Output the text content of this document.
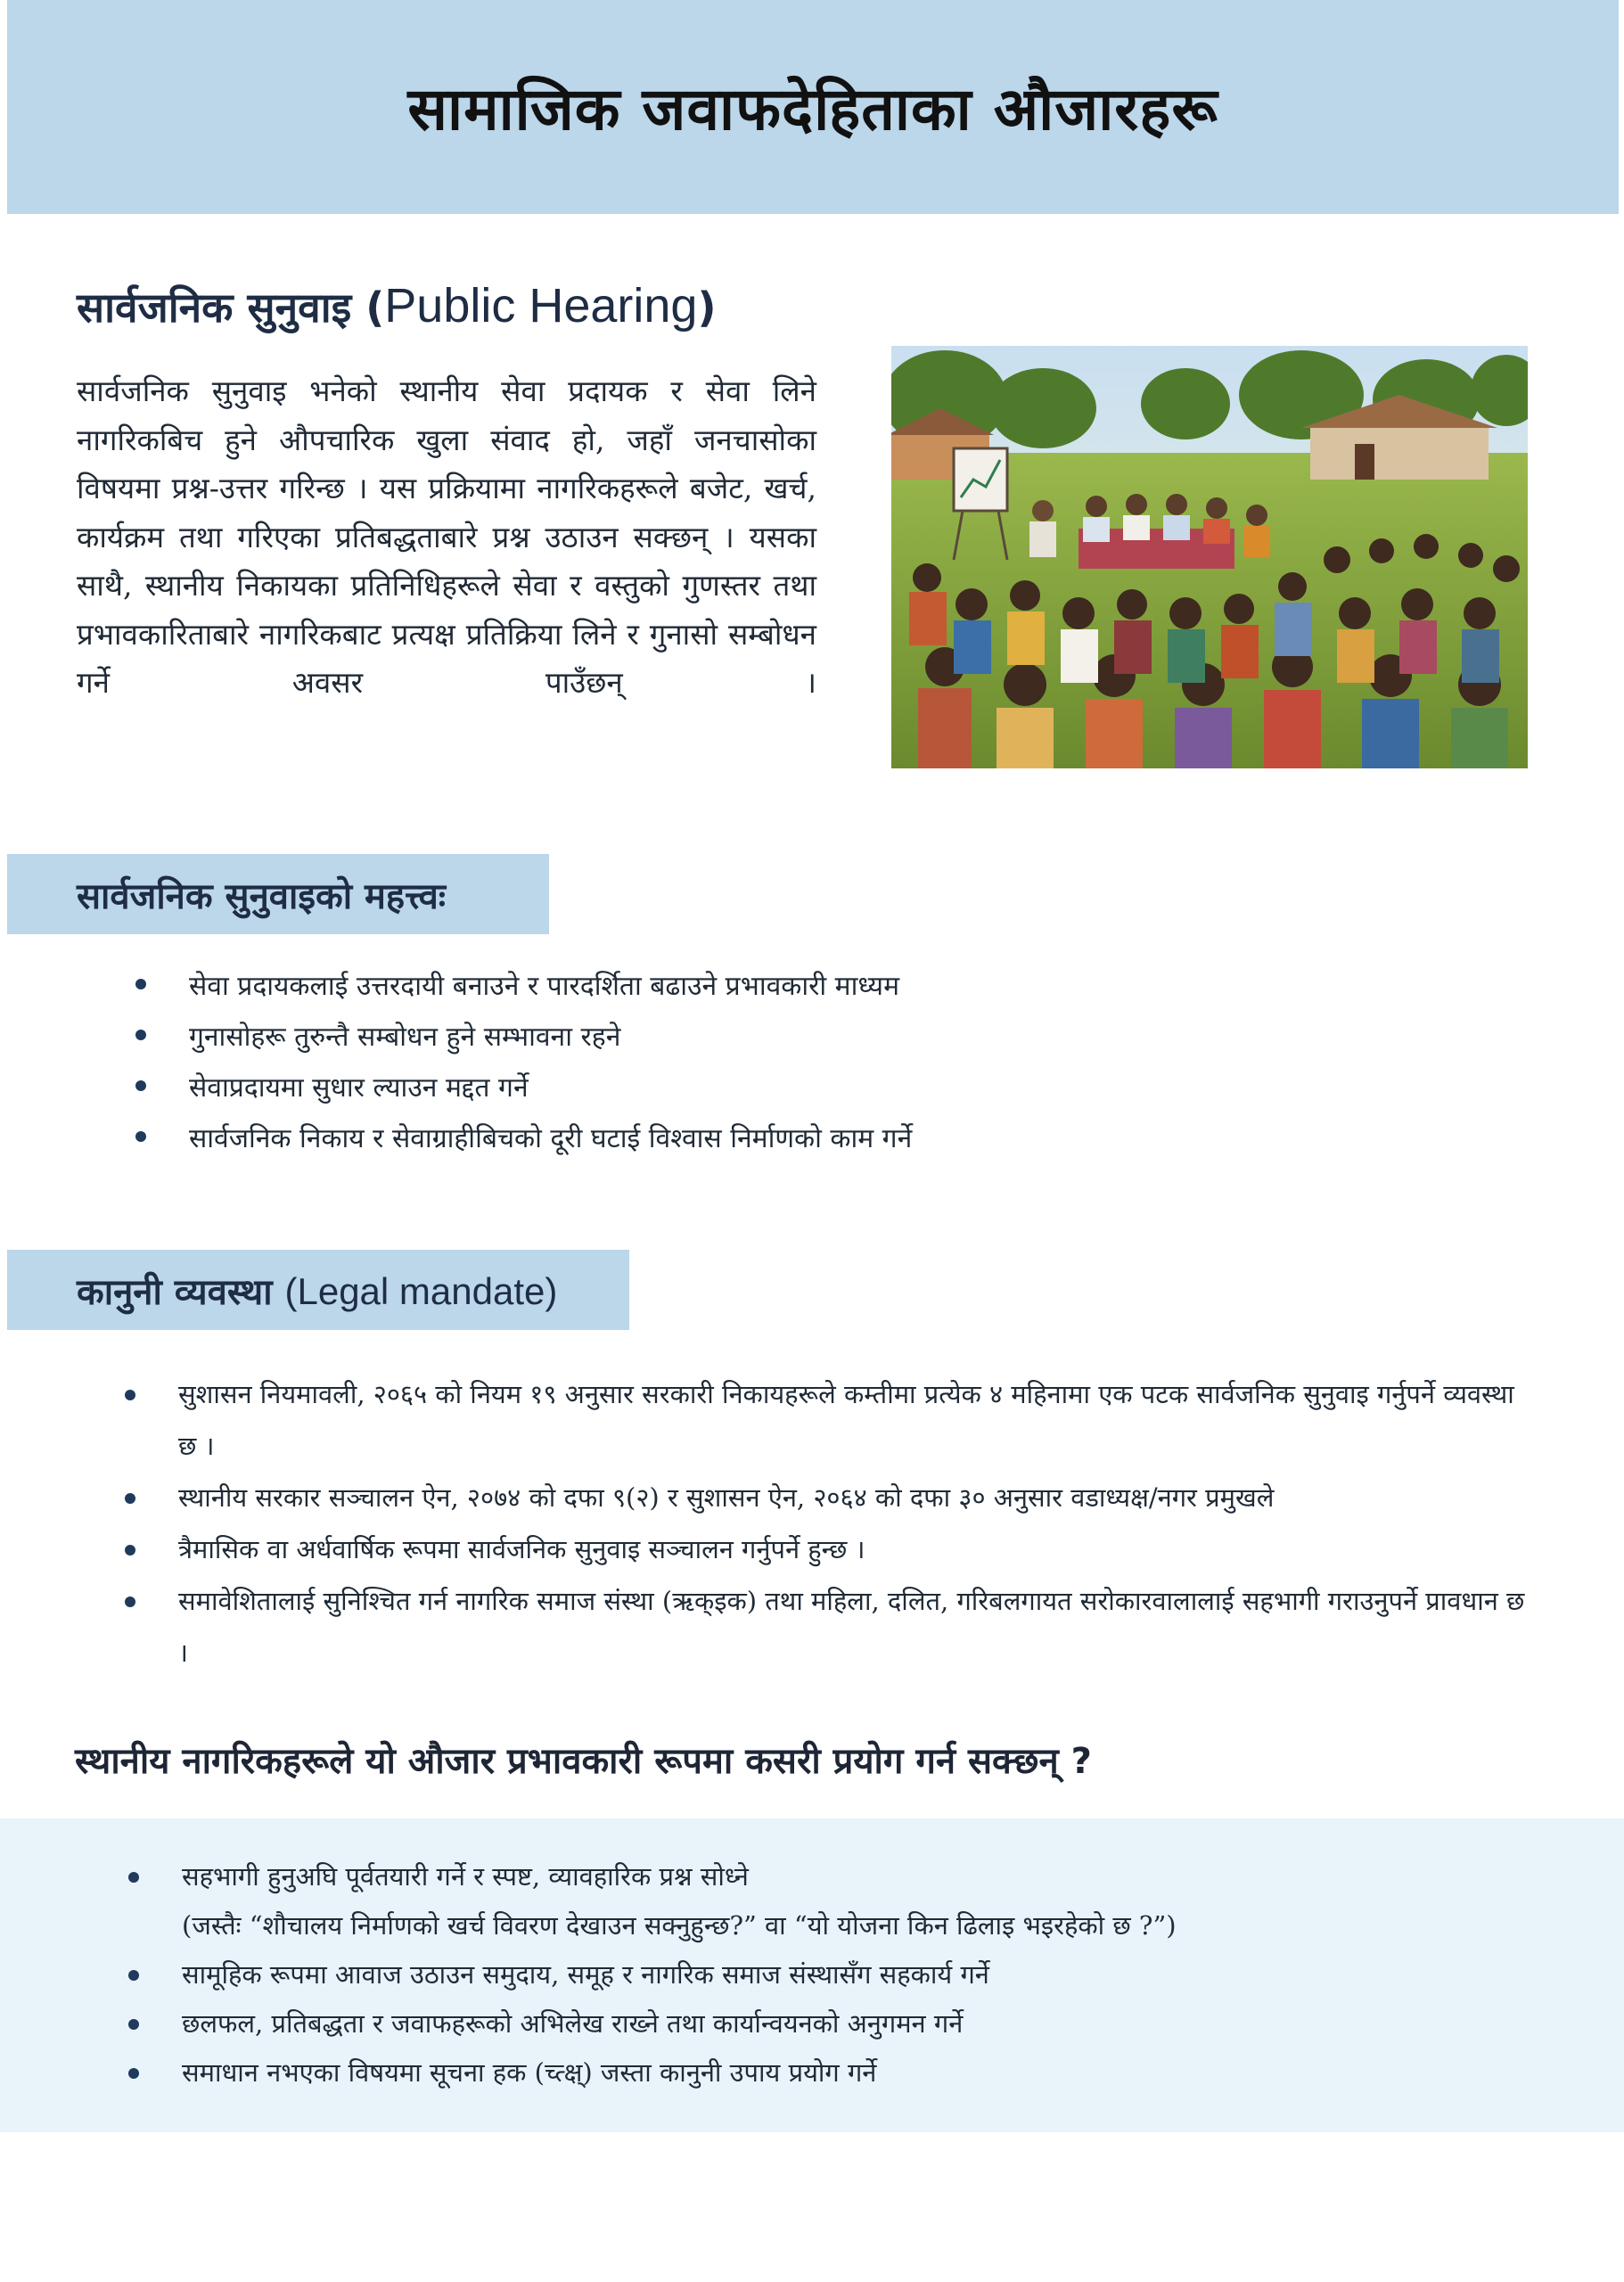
सामाजिक जवाफदेहिताका औजारहरू
सार्वजनिक सुनुवाइ (Public Hearing)

सार्वजनिक सुनुवाइ भनेको स्थानीय सेवा प्रदायक र सेवा लिने नागरिकबिच हुने औपचारिक खुला संवाद हो, जहाँ जनचासोका विषयमा प्रश्न-उत्तर गरिन्छ । यस प्रक्रियामा नागरिकहरूले बजेट, खर्च, कार्यक्रम तथा गरिएका प्रतिबद्धताबारे प्रश्न उठाउन सक्छन् । यसका साथै, स्थानीय निकायका प्रतिनिधिहरूले सेवा र वस्तुको गुणस्तर तथा प्रभावकारिताबारे नागरिकबाट प्रत्यक्ष प्रतिक्रिया लिने र गुनासो सम्बोधन गर्ने अवसर पाउँछन् ।

सार्वजनिक सुनुवाइको महत्त्वः
सेवा प्रदायकलाई उत्तरदायी बनाउने र पारदर्शिता बढाउने प्रभावकारी माध्यम
गुनासोहरू तुरुन्तै सम्बोधन हुने सम्भावना रहने
सेवाप्रदायमा सुधार ल्याउन मद्दत गर्ने
सार्वजनिक निकाय र सेवाग्राहीबिचको दूरी घटाई विश्वास निर्माणको काम गर्ने
कानुनी व्यवस्था (Legal mandate)
सुशासन नियमावली, २०६५ को नियम १९ अनुसार सरकारी निकायहरूले कम्तीमा प्रत्येक ४ महिनामा एक पटक सार्वजनिक सुनुवाइ गर्नुपर्ने व्यवस्था छ ।
स्थानीय सरकार सञ्चालन ऐन, २०७४ को दफा ९(२) र सुशासन ऐन, २०६४ को दफा ३० अनुसार वडाध्यक्ष/नगर प्रमुखले
त्रैमासिक वा अर्धवार्षिक रूपमा सार्वजनिक सुनुवाइ सञ्चालन गर्नुपर्ने हुन्छ ।
समावेशितालाई सुनिश्चित गर्न नागरिक समाज संस्था (ऋक्इक) तथा महिला, दलित, गरिबलगायत सरोकारवालालाई सहभागी गराउनुपर्ने प्रावधान छ ।
स्थानीय नागरिकहरूले यो औजार प्रभावकारी रूपमा कसरी प्रयोग गर्न सक्छन् ?
सहभागी हुनुअघि पूर्वतयारी गर्ने र स्पष्ट, व्यावहारिक प्रश्न सोध्ने
(जस्तैः “शौचालय निर्माणको खर्च विवरण देखाउन सक्नुहुन्छ?” वा “यो योजना किन ढिलाइ भइरहेको छ ?”)
सामूहिक रूपमा आवाज उठाउन समुदाय, समूह र नागरिक समाज संस्थासँग सहकार्य गर्ने
छलफल, प्रतिबद्धता र जवाफहरूको अभिलेख राख्ने तथा कार्यान्वयनको अनुगमन गर्ने
समाधान नभएका विषयमा सूचना हक (च्त्क्ष्) जस्ता कानुनी उपाय प्रयोग गर्ने
